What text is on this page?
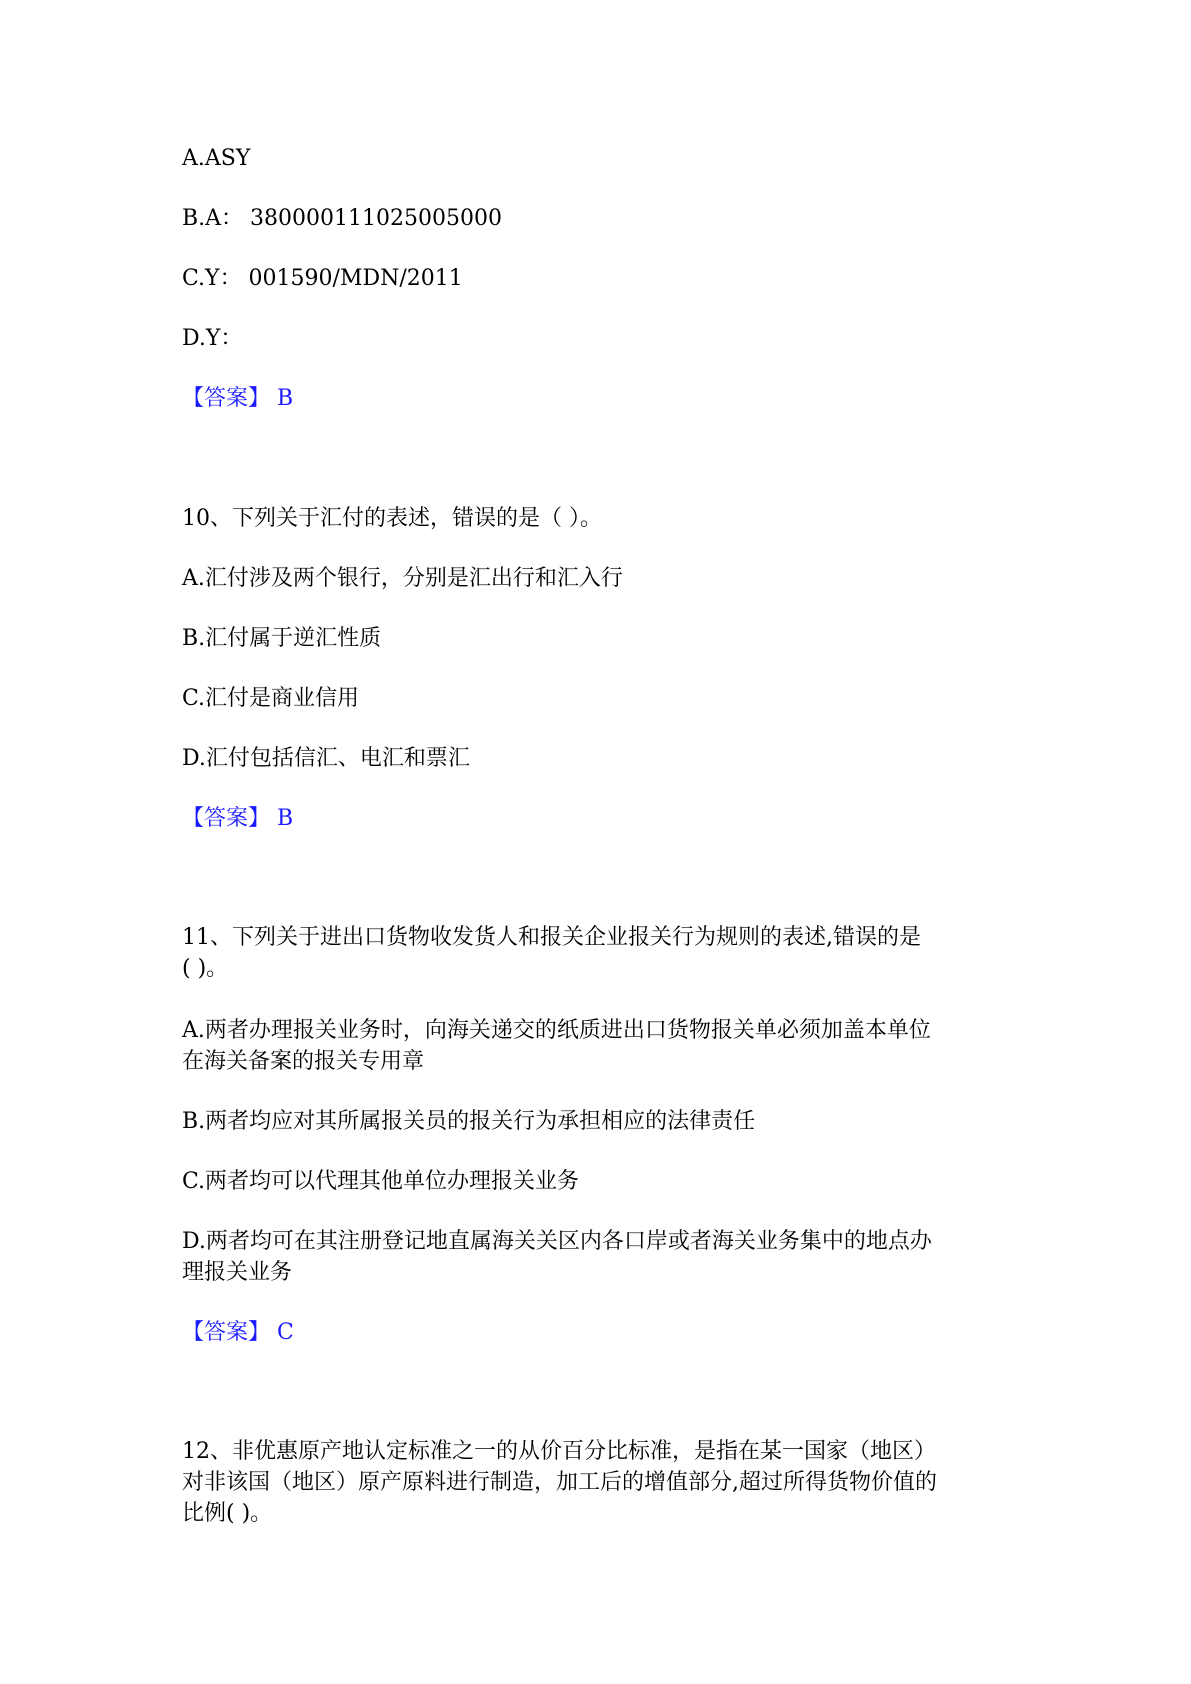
A.ASY

B.A： 380000111025005000

C.Y： 001590/MDN/2011

D.Y：

【答案】 B

10、下列关于汇付的表述，错误的是（ ）。

A.汇付涉及两个银行，分别是汇出行和汇入行

B.汇付属于逆汇性质

C.汇付是商业信用

D.汇付包括信汇、电汇和票汇

【答案】 B

11、下列关于进出口货物收发货人和报关企业报关行为规则的表述,错误的是

( )。

A.两者办理报关业务时，向海关递交的纸质进出口货物报关单必须加盖本单位

在海关备案的报关专用章

B.两者均应对其所属报关员的报关行为承担相应的法律责任

C.两者均可以代理其他单位办理报关业务

D.两者均可在其注册登记地直属海关关区内各口岸或者海关业务集中的地点办

理报关业务

【答案】 C

12、非优惠原产地认定标准之一的从价百分比标准，是指在某一国家（地区）

对非该国（地区）原产原料进行制造，加工后的增值部分,超过所得货物价值的

比例( )。
